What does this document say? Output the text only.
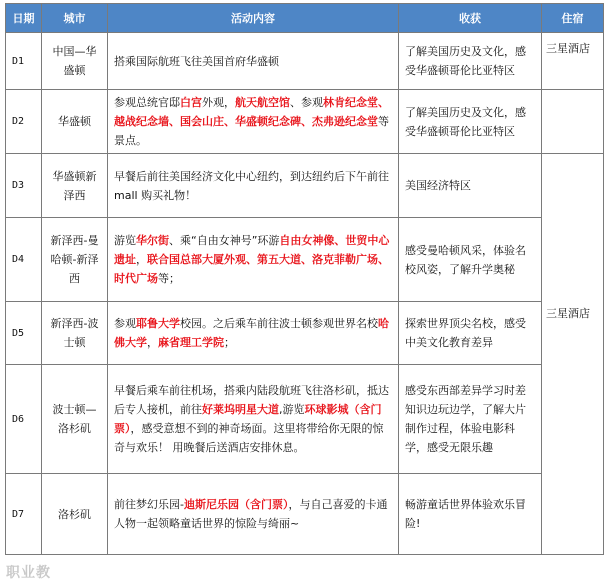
日期	城市	活动内容	收获	住宿
D1	中国—华盛顿	搭乘国际航班飞往美国首府华盛顿	了解美国历史及文化，感受华盛顿哥伦比亚特区	三星酒店
D2	华盛顿	参观总统官邸白宫外观，航天航空馆、参观林肯纪念堂、越战纪念墙、国会山庄、华盛顿纪念碑、杰弗逊纪念堂等景点。	了解美国历史及文化，感受华盛顿哥伦比亚特区	
D3	华盛顿新泽西	早餐后前往美国经济文化中心纽约，到达纽约后下午前往 mall 购买礼物！	美国经济特区	三星酒店
D4	新泽西-曼哈顿-新泽西	游览华尔街、乘“自由女神号”环游自由女神像、世贸中心遗址，联合国总部大厦外观、第五大道、洛克菲勒广场、时代广场等；	感受曼哈顿风采，体验名校风姿，了解升学奥秘	
D5	新泽西-波士顿	参观耶鲁大学校园。之后乘车前往波士顿参观世界名校哈佛大学，麻省理工学院；	探索世界顶尖名校，感受中美文化教育差异	
D6	波士顿—洛杉矶	早餐后乘车前往机场，搭乘内陆段航班飞往洛杉矶，抵达后专人接机，前往好莱坞明星大道,游览环球影城（含门票），感受意想不到的神奇场面。这里将带给你无限的惊奇与欢乐！ 用晚餐后送酒店安排休息。	感受东西部差异学习时差知识边玩边学，了解大片制作过程，体验电影科学，感受无限乐趣	
D7	洛杉矶	前往梦幻乐园-迪斯尼乐园（含门票），与自己喜爱的卡通人物一起领略童话世界的惊险与绮丽~	畅游童话世界体验欢乐冒险!	
职业教
